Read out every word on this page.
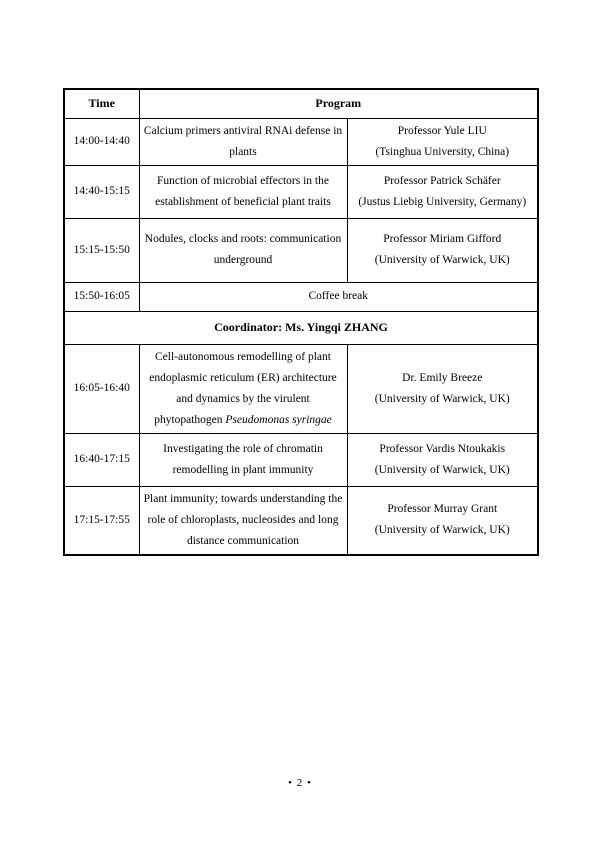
Time	Program	
14:00-14:40	Calcium primers antiviral RNAi defense in plants	Professor Yule LIU
(Tsinghua University, China)

14:40-15:15	Function of microbial effectors in the establishment of beneficial plant traits	Professor Patrick Schäfer
(Justus Liebig University, Germany)

15:15-15:50	Nodules, clocks and roots: communication underground	Professor Miriam Gifford
(University of Warwick, UK)

15:50-16:05	Coffee break	
Coordinator: Ms. Yingqi ZHANG		
16:05-16:40	Cell-autonomous remodelling of plant endoplasmic reticulum (ER) architecture and dynamics by the virulent phytopathogen Pseudomonas syringae	Dr. Emily Breeze
(University of Warwick, UK)

16:40-17:15	Investigating the role of chromatin remodelling in plant immunity	Professor Vardis Ntoukakis
(University of Warwick, UK)

17:15-17:55	Plant immunity; towards understanding the role of chloroplasts, nucleosides and long distance communication	Professor Murray Grant
(University of Warwick, UK)
• 2 •
